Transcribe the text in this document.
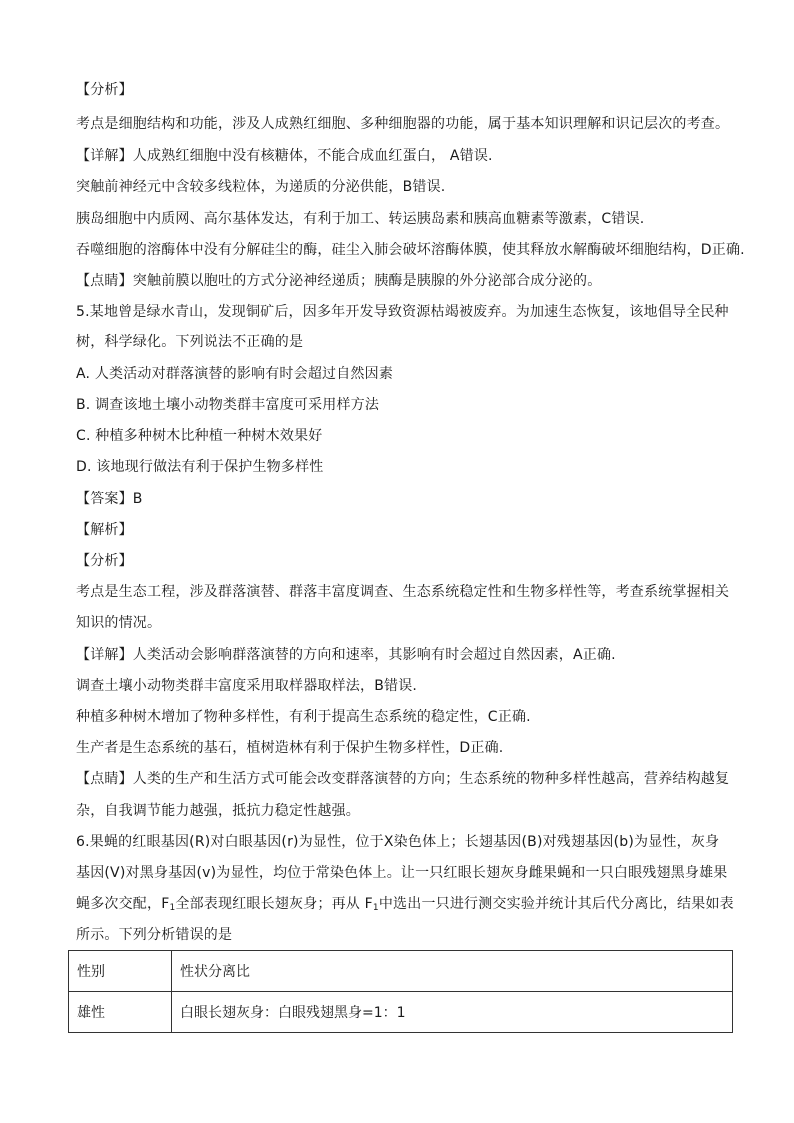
【分析】
考点是细胞结构和功能，涉及人成熟红细胞、多种细胞器的功能，属于基本知识理解和识记层次的考查。
【详解】人成熟红细胞中没有核糖体，不能合成血红蛋白， A错误.
突触前神经元中含较多线粒体，为递质的分泌供能，B错误.
胰岛细胞中内质网、高尔基体发达，有利于加工、转运胰岛素和胰高血糖素等激素，C错误.
吞噬细胞的溶酶体中没有分解硅尘的酶，硅尘入肺会破坏溶酶体膜，使其释放水解酶破坏细胞结构，D正确.
【点睛】突触前膜以胞吐的方式分泌神经递质；胰酶是胰腺的外分泌部合成分泌的。
5.某地曾是绿水青山，发现铜矿后，因多年开发导致资源枯竭被废弃。为加速生态恢复，该地倡导全民种
树，科学绿化。下列说法不正确的是
A. 人类活动对群落演替的影响有时会超过自然因素
B. 调查该地土壤小动物类群丰富度可采用样方法
C. 种植多种树木比种植一种树木效果好
D. 该地现行做法有利于保护生物多样性
【答案】B
【解析】
【分析】
考点是生态工程，涉及群落演替、群落丰富度调查、生态系统稳定性和生物多样性等，考查系统掌握相关
知识的情况。
【详解】人类活动会影响群落演替的方向和速率，其影响有时会超过自然因素，A正确.
调查土壤小动物类群丰富度采用取样器取样法，B错误.
种植多种树木增加了物种多样性，有利于提高生态系统的稳定性，C正确.
生产者是生态系统的基石，植树造林有利于保护生物多样性，D正确.
【点睛】人类的生产和生活方式可能会改变群落演替的方向；生态系统的物种多样性越高，营养结构越复
杂，自我调节能力越强，抵抗力稳定性越强。
6.果蝇的红眼基因(R)对白眼基因(r)为显性，位于X染色体上；长翅基因(B)对残翅基因(b)为显性，灰身
基因(V)对黑身基因(v)为显性，均位于常染色体上。让一只红眼长翅灰身雌果蝇和一只白眼残翅黑身雄果
蝇多次交配，$F_1$全部表现红眼长翅灰身；再从 $F_1$中选出一只进行测交实验并统计其后代分离比，结果如表
所示。下列分析错误的是
性别	性状分离比
雄性	白眼长翅灰身：白眼残翅黑身=1：1
